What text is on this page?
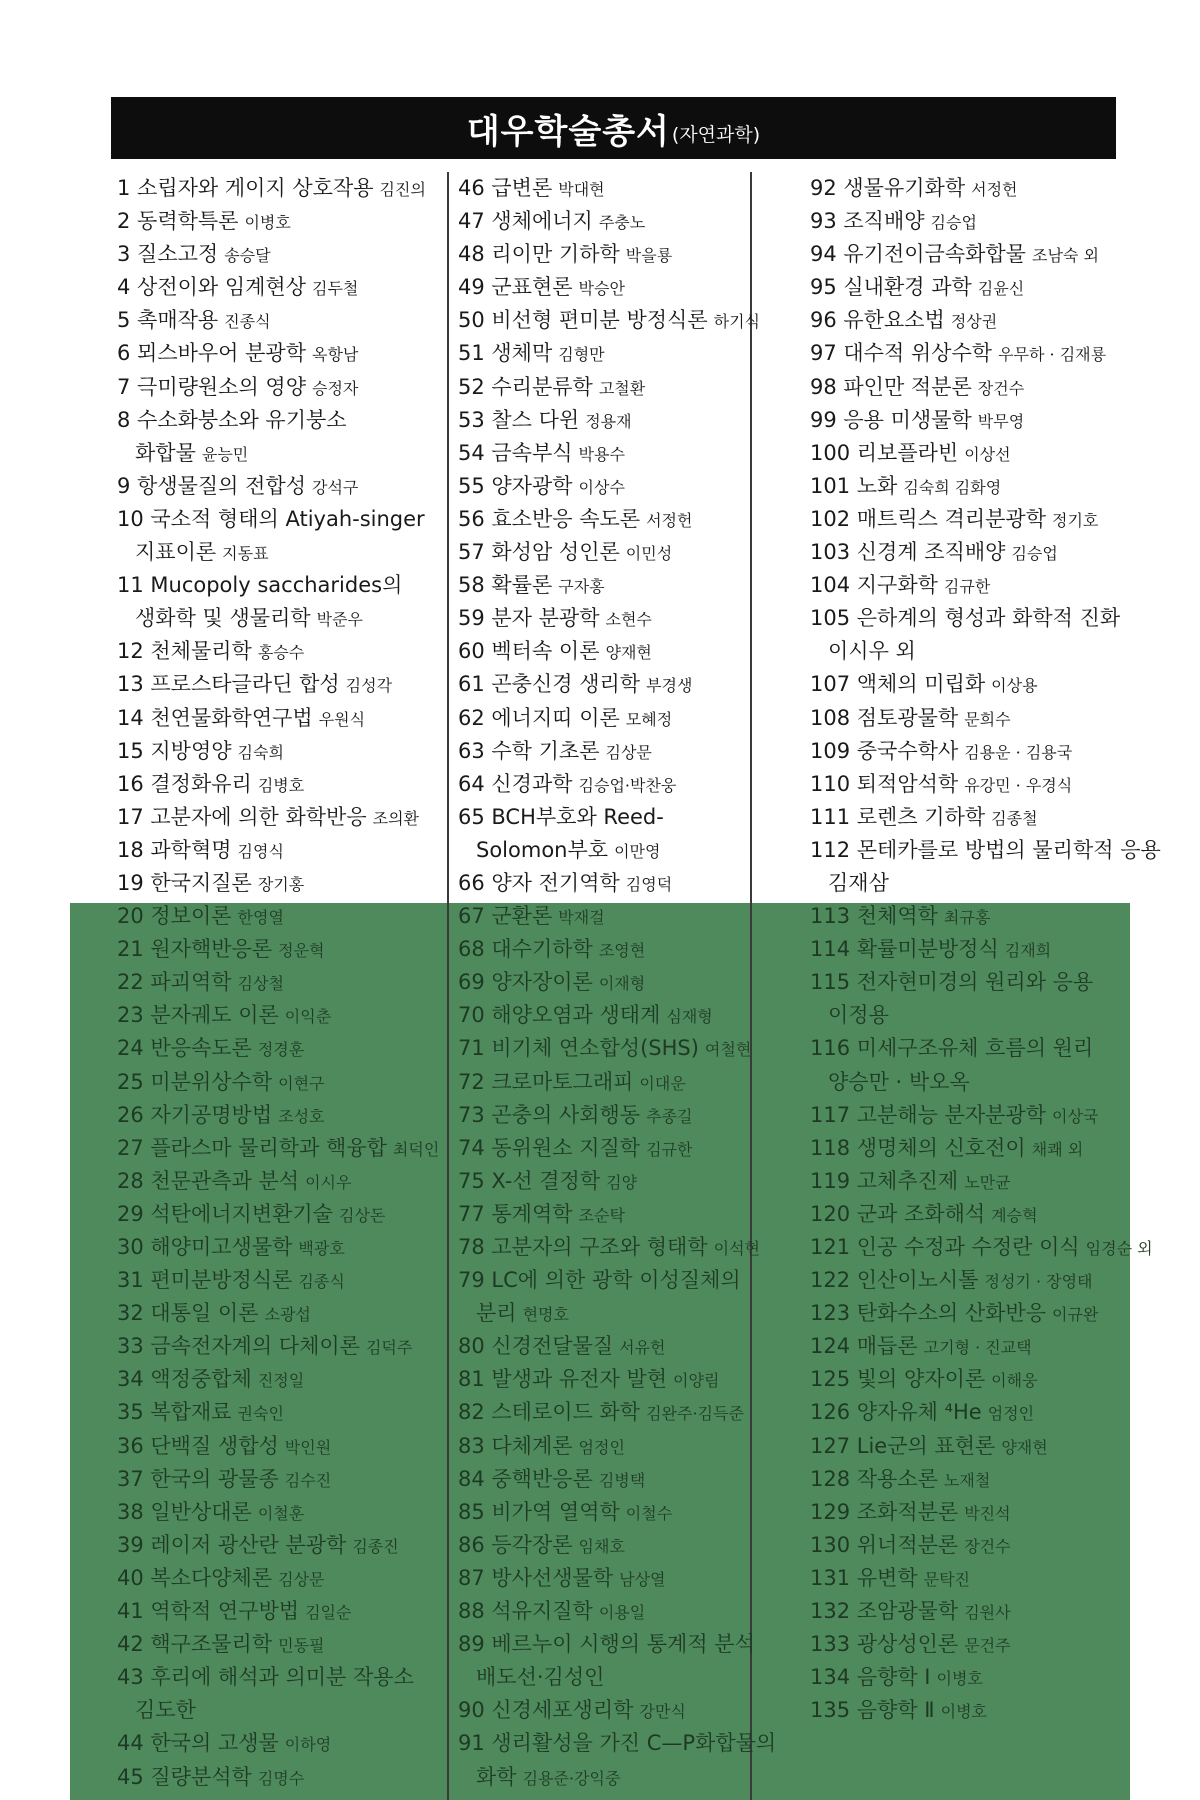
대우학술총서 (자연과학)
1 소립자와 게이지 상호작용 김진의
2 동력학특론 이병호
3 질소고정 송승달
4 상전이와 임계현상 김두철
5 촉매작용 진종식
6 뫼스바우어 분광학 옥항남
7 극미량원소의 영양 승정자
8 수소화붕소와 유기붕소
화합물 윤능민
9 항생물질의 전합성 강석구
10 국소적 형태의 Atiyah-singer
지표이론 지동표
11 Mucopoly saccharides의
생화학 및 생물리학 박준우
12 천체물리학 홍승수
13 프로스타글라딘 합성 김성각
14 천연물화학연구법 우원식
15 지방영양 김숙희
16 결정화유리 김병호
17 고분자에 의한 화학반응 조의환
18 과학혁명 김영식
19 한국지질론 장기홍
20 정보이론 한영열
21 원자핵반응론 정운혁
22 파괴역학 김상철
23 분자궤도 이론 이익춘
24 반응속도론 정경훈
25 미분위상수학 이현구
26 자기공명방법 조성호
27 플라스마 물리학과 핵융합 최덕인
28 천문관측과 분석 이시우
29 석탄에너지변환기술 김상돈
30 해양미고생물학 백광호
31 편미분방정식론 김종식
32 대통일 이론 소광섭
33 금속전자계의 다체이론 김덕주
34 액정중합체 진정일
35 복합재료 권숙인
36 단백질 생합성 박인원
37 한국의 광물종 김수진
38 일반상대론 이철훈
39 레이저 광산란 분광학 김종진
40 복소다양체론 김상문
41 역학적 연구방법 김일순
42 핵구조물리학 민동필
43 후리에 해석과 의미분 작용소
김도한
44 한국의 고생물 이하영
45 질량분석학 김명수
46 급변론 박대현
47 생체에너지 주충노
48 리이만 기하학 박을룡
49 군표현론 박승안
50 비선형 편미분 방정식론 하기식
51 생체막 김형만
52 수리분류학 고철환
53 찰스 다윈 정용재
54 금속부식 박용수
55 양자광학 이상수
56 효소반응 속도론 서정헌
57 화성암 성인론 이민성
58 확률론 구자홍
59 분자 분광학 소현수
60 벡터속 이론 양재현
61 곤충신경 생리학 부경생
62 에너지띠 이론 모혜정
63 수학 기초론 김상문
64 신경과학 김승업·박찬웅
65 BCH부호와 Reed-
Solomon부호 이만영
66 양자 전기역학 김영덕
67 군환론 박재걸
68 대수기하학 조영현
69 양자장이론 이재형
70 해양오염과 생태계 심재형
71 비기체 연소합성(SHS) 여철현
72 크로마토그래피 이대운
73 곤충의 사회행동 추종길
74 동위원소 지질학 김규한
75 X-선 결정학 김양
77 통계역학 조순탁
78 고분자의 구조와 형태학 이석현
79 LC에 의한 광학 이성질체의
분리 현명호
80 신경전달물질 서유헌
81 발생과 유전자 발현 이양림
82 스테로이드 화학 김완주·김득준
83 다체계론 엄정인
84 중핵반응론 김병택
85 비가역 열역학 이철수
86 등각장론 임채호
87 방사선생물학 남상열
88 석유지질학 이용일
89 베르누이 시행의 통계적 분석
배도선·김성인
90 신경세포생리학 강만식
91 생리활성을 가진 C—P화합물의
화학 김용준·강익중
92 생물유기화학 서정헌
93 조직배양 김승업
94 유기전이금속화합물 조남숙 외
95 실내환경 과학 김윤신
96 유한요소법 정상권
97 대수적 위상수학 우무하 · 김재룡
98 파인만 적분론 장건수
99 응용 미생물학 박무영
100 리보플라빈 이상선
101 노화 김숙희 김화영
102 매트릭스 격리분광학 정기호
103 신경계 조직배양 김승업
104 지구화학 김규한
105 은하계의 형성과 화학적 진화
이시우 외
107 액체의 미립화 이상용
108 점토광물학 문희수
109 중국수학사 김용운 · 김용국
110 퇴적암석학 유강민 · 우경식
111 로렌츠 기하학 김종철
112 몬테카를로 방법의 물리학적 응용
김재삼
113 천체역학 최규홍
114 확률미분방정식 김재희
115 전자현미경의 원리와 응용
이정용
116 미세구조유체 흐름의 원리
양승만 · 박오옥
117 고분해능 분자분광학 이상국
118 생명체의 신호전이 채쾌 외
119 고체추진제 노만균
120 군과 조화해석 계승혁
121 인공 수정과 수정란 이식 임경순 외
122 인산이노시톨 정성기 · 장영태
123 탄화수소의 산화반응 이규완
124 매듭론 고기형 · 진교택
125 빛의 양자이론 이해웅
126 양자유체 ⁴He 엄정인
127 Lie군의 표현론 양재현
128 작용소론 노재철
129 조화적분론 박진석
130 위너적분론 장건수
131 유변학 문탁진
132 조암광물학 김원사
133 광상성인론 문건주
134 음향학 Ⅰ 이병호
135 음향학 Ⅱ 이병호
